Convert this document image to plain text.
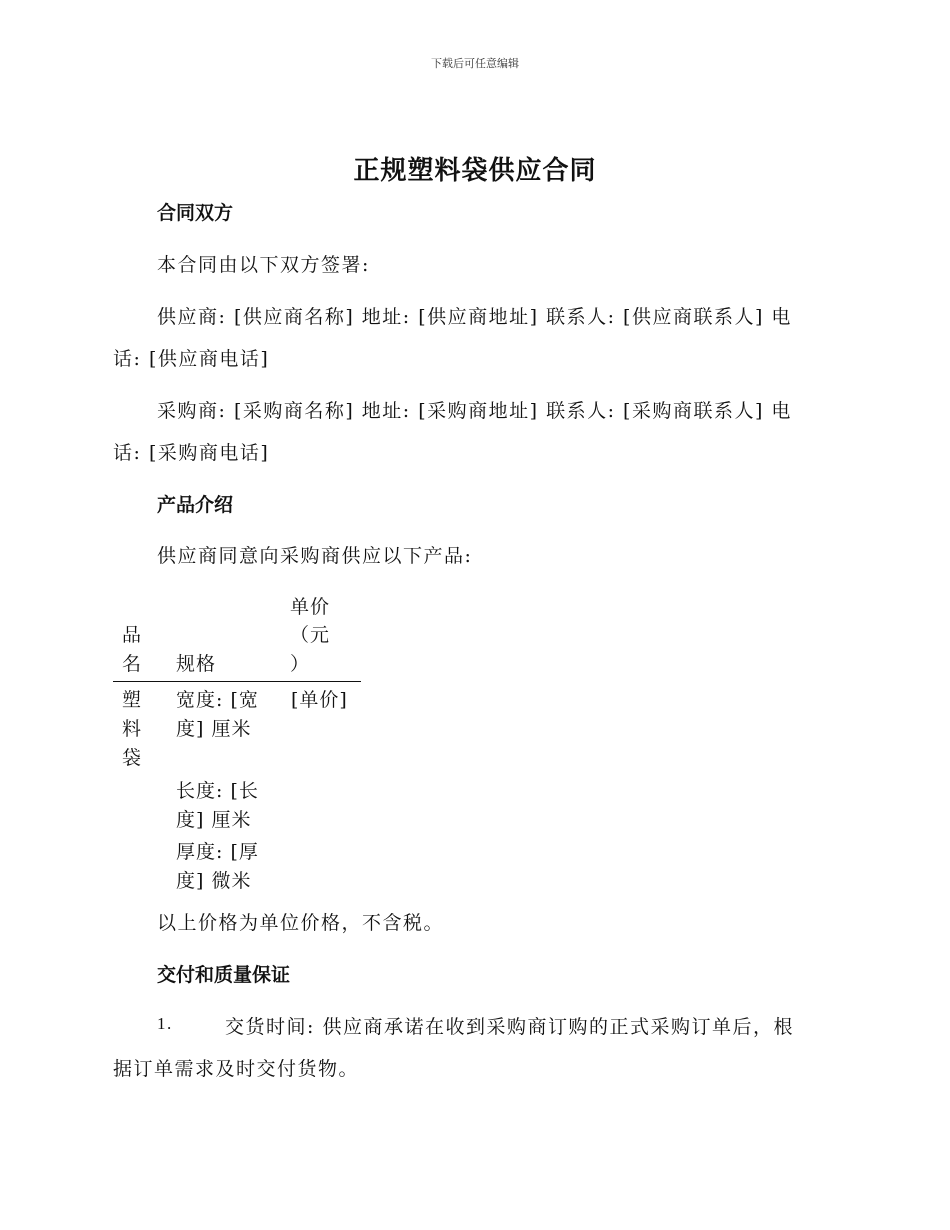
下载后可任意编辑
正规塑料袋供应合同
合同双方
本合同由以下双方签署:
供应商: [供应商名称] 地址: [供应商地址] 联系人: [供应商联系人] 电
话: [供应商电话]
采购商: [采购商名称] 地址: [采购商地址] 联系人: [采购商联系人] 电
话: [采购商电话]
产品介绍
供应商同意向采购商供应以下产品:
单价
（元
品
名 规格	）
塑
料
袋
宽度: [宽
度] 厘米
长度: [长
度] 厘米
厚度: [厚
度] 微米
[单价]
以上价格为单位价格，不含税。
交付和质量保证
1.	交货时间: 供应商承诺在收到采购商订购的正式采购订单后，根
据订单需求及时交付货物。
